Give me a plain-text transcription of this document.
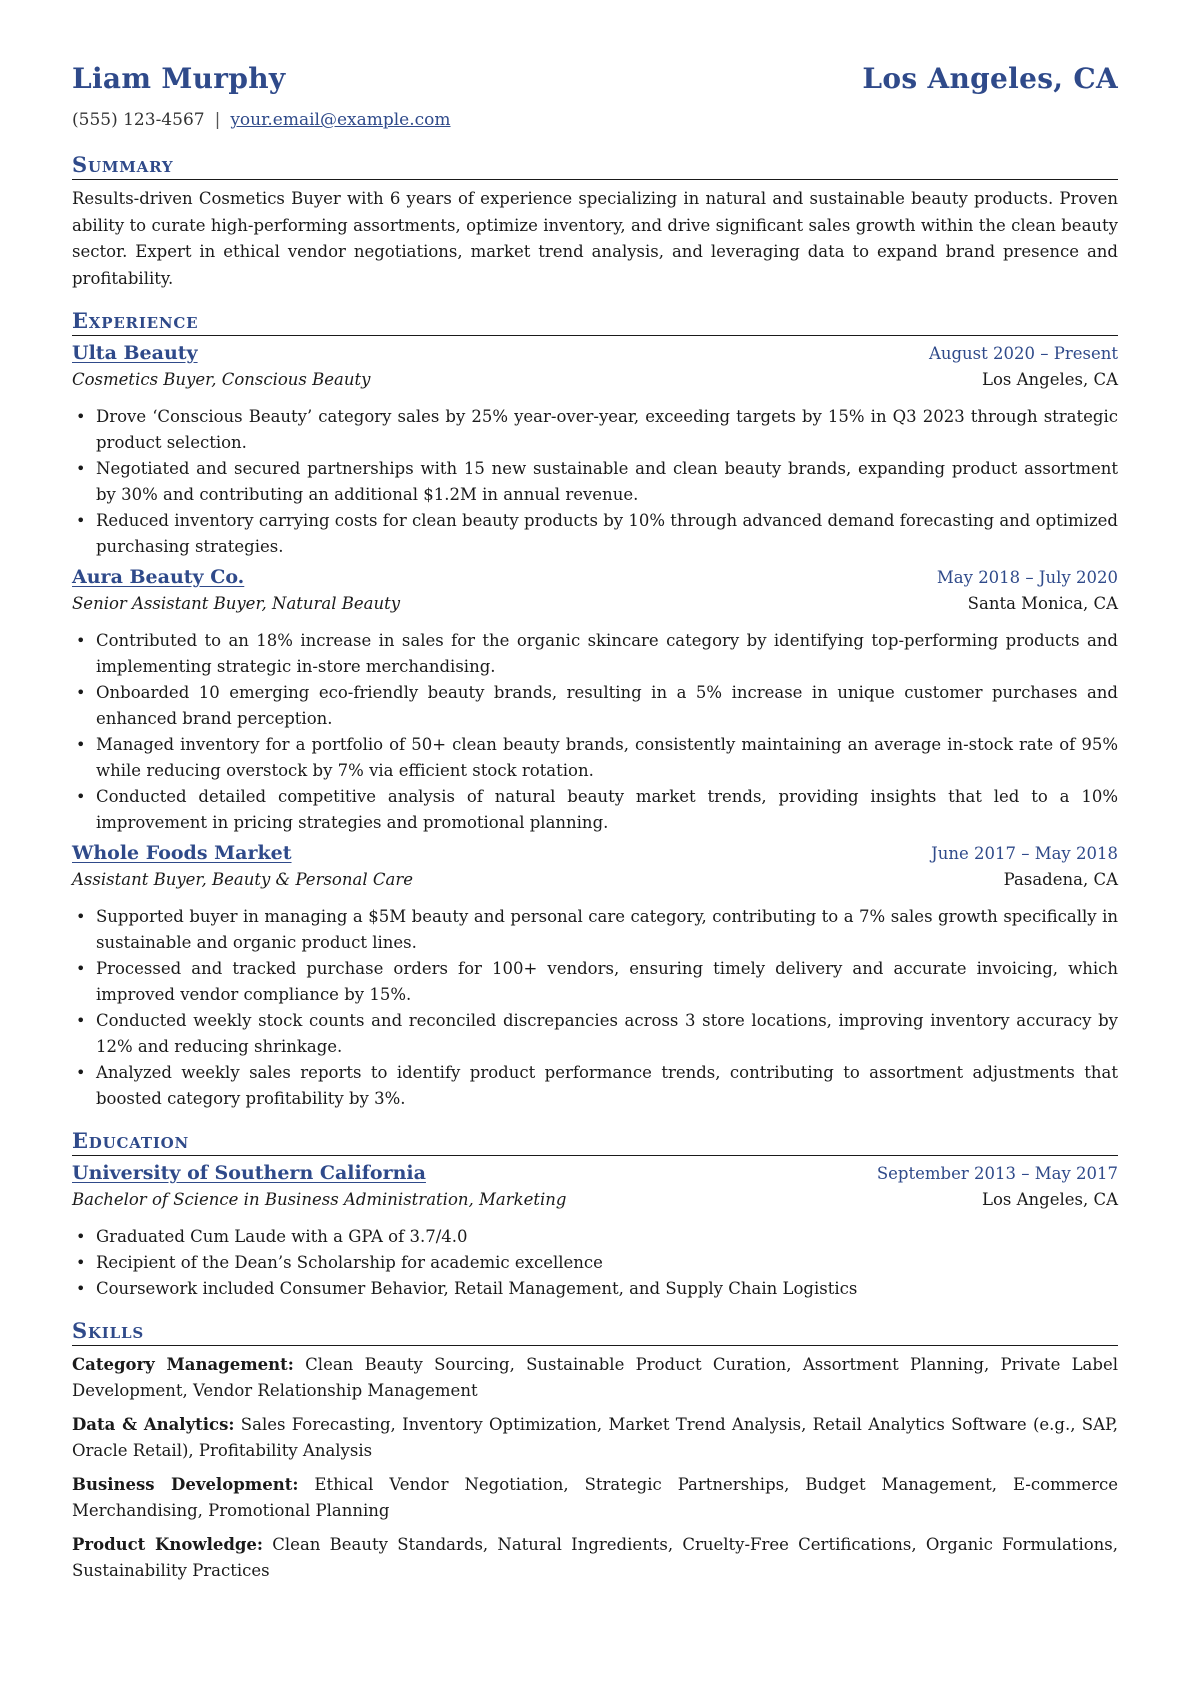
Liam Murphy	Los Angeles, CA
(555) 123-4567 | your.email@example.com
Summary
Results-driven Cosmetics Buyer with 6 years of experience specializing in natural and sustainable beauty products. Proven ability to curate high-performing assortments, optimize inventory, and drive significant sales growth within the clean beauty sector. Expert in ethical vendor negotiations, market trend analysis, and leveraging data to expand brand presence and profitability.
Experience
Ulta Beauty	August 2020 – Present
Cosmetics Buyer, Conscious Beauty	Los Angeles, CA
• Drove ‘Conscious Beauty’ category sales by 25% year-over-year, exceeding targets by 15% in Q3 2023 through strategic product selection.
• Negotiated and secured partnerships with 15 new sustainable and clean beauty brands, expanding product assortment by 30% and contributing an additional $1.2M in annual revenue.
• Reduced inventory carrying costs for clean beauty products by 10% through advanced demand forecasting and optimized purchasing strategies.
Aura Beauty Co.	May 2018 – July 2020
Senior Assistant Buyer, Natural Beauty	Santa Monica, CA
• Contributed to an 18% increase in sales for the organic skincare category by identifying top-performing products and implementing strategic in-store merchandising.
• Onboarded 10 emerging eco-friendly beauty brands, resulting in a 5% increase in unique customer purchases and enhanced brand perception.
• Managed inventory for a portfolio of 50+ clean beauty brands, consistently maintaining an average in-stock rate of 95% while reducing overstock by 7% via efficient stock rotation.
• Conducted detailed competitive analysis of natural beauty market trends, providing insights that led to a 10% improvement in pricing strategies and promotional planning.
Whole Foods Market	June 2017 – May 2018
Assistant Buyer, Beauty & Personal Care	Pasadena, CA
• Supported buyer in managing a $5M beauty and personal care category, contributing to a 7% sales growth specifically in sustainable and organic product lines.
• Processed and tracked purchase orders for 100+ vendors, ensuring timely delivery and accurate invoicing, which improved vendor compliance by 15%.
• Conducted weekly stock counts and reconciled discrepancies across 3 store locations, improving inventory accuracy by 12% and reducing shrinkage.
• Analyzed weekly sales reports to identify product performance trends, contributing to assortment adjustments that boosted category profitability by 3%.
Education
University of Southern California	September 2013 – May 2017
Bachelor of Science in Business Administration, Marketing	Los Angeles, CA
• Graduated Cum Laude with a GPA of 3.7/4.0
• Recipient of the Dean’s Scholarship for academic excellence
• Coursework included Consumer Behavior, Retail Management, and Supply Chain Logistics
Skills
Category Management: Clean Beauty Sourcing, Sustainable Product Curation, Assortment Planning, Private Label Development, Vendor Relationship Management
Data & Analytics: Sales Forecasting, Inventory Optimization, Market Trend Analysis, Retail Analytics Software (e.g., SAP, Oracle Retail), Profitability Analysis
Business Development: Ethical Vendor Negotiation, Strategic Partnerships, Budget Management, E-commerce Merchandising, Promotional Planning
Product Knowledge: Clean Beauty Standards, Natural Ingredients, Cruelty-Free Certifications, Organic Formulations, Sustainability Practices
